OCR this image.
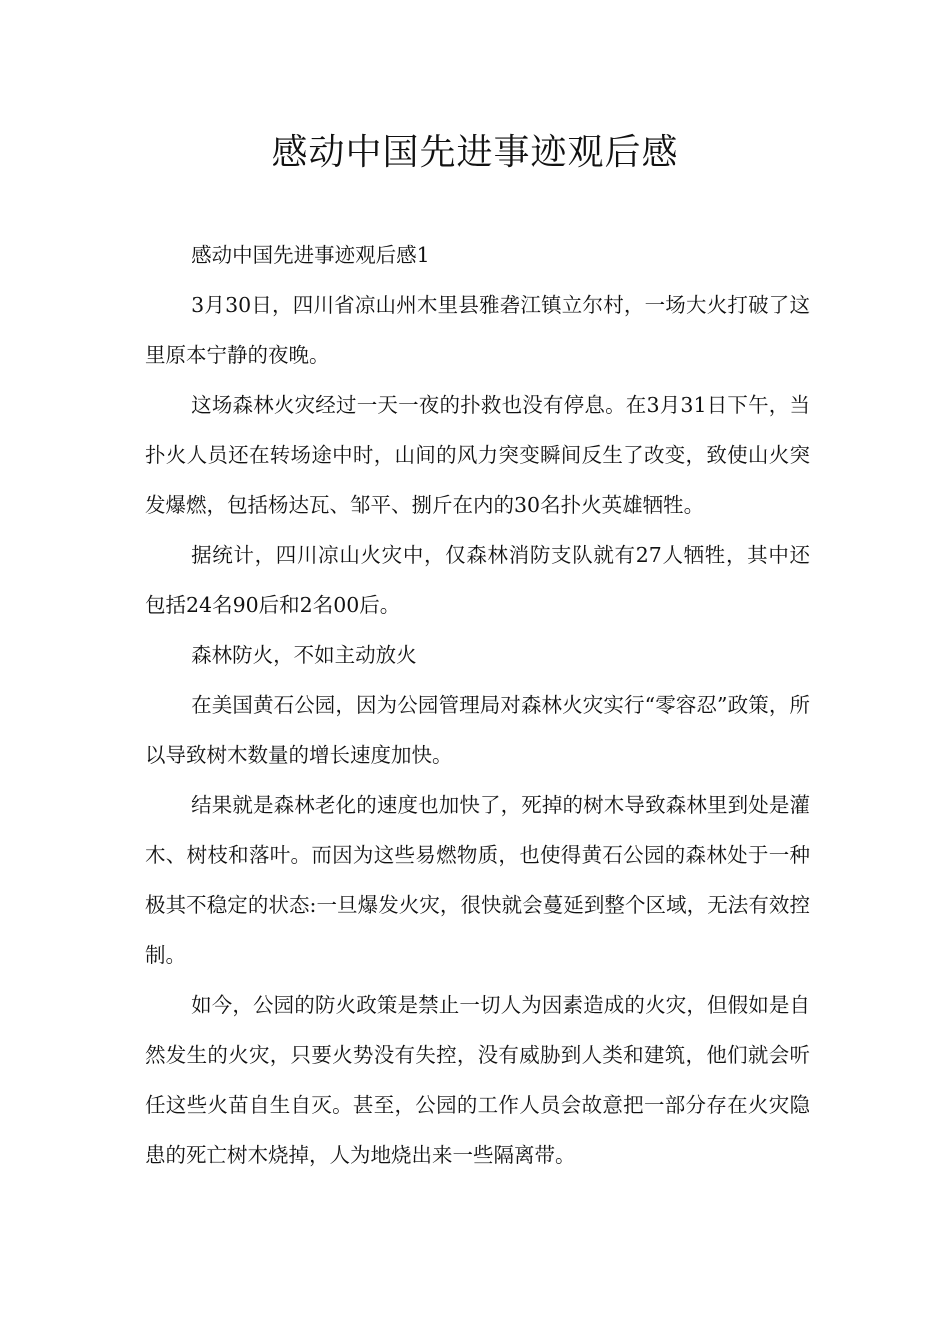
感动中国先进事迹观后感

感动中国先进事迹观后感1

3月30日，四川省凉山州木里县雅砻江镇立尔村，一场大火打破了这里原本宁静的夜晚。

这场森林火灾经过一天一夜的扑救也没有停息。在3月31日下午，当扑火人员还在转场途中时，山间的风力突变瞬间反生了改变，致使山火突发爆燃，包括杨达瓦、邹平、捌斤在内的30名扑火英雄牺牲。

据统计，四川凉山火灾中，仅森林消防支队就有27人牺牲，其中还包括24名90后和2名00后。

森林防火，不如主动放火

在美国黄石公园，因为公园管理局对森林火灾实行“零容忍”政策，所以导致树木数量的增长速度加快。

结果就是森林老化的速度也加快了，死掉的树木导致森林里到处是灌木、树枝和落叶。而因为这些易燃物质，也使得黄石公园的森林处于一种极其不稳定的状态:一旦爆发火灾，很快就会蔓延到整个区域，无法有效控制。

如今，公园的防火政策是禁止一切人为因素造成的火灾，但假如是自然发生的火灾，只要火势没有失控，没有威胁到人类和建筑，他们就会听任这些火苗自生自灭。甚至，公园的工作人员会故意把一部分存在火灾隐患的死亡树木烧掉，人为地烧出来一些隔离带。
